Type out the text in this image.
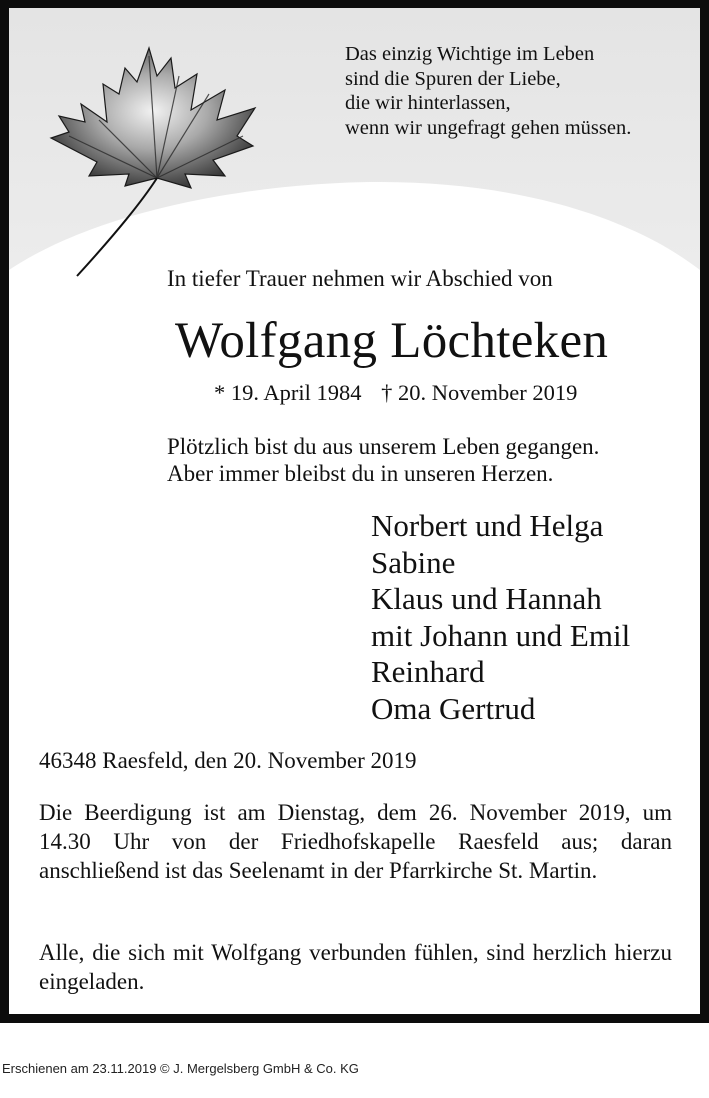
Das einzig Wichtige im Leben
sind die Spuren der Liebe,
die wir hinterlassen,
wenn wir ungefragt gehen müssen.
In tiefer Trauer nehmen wir Abschied von
Wolfgang Löchteken
* 19. April 1984 † 20. November 2019
Plötzlich bist du aus unserem Leben gegangen.
Aber immer bleibst du in unseren Herzen.
Norbert und Helga
Sabine
Klaus und Hannah
mit Johann und Emil
Reinhard
Oma Gertrud
46348 Raesfeld, den 20. November 2019
Die Beerdigung ist am Dienstag, dem 26. November 2019, um 14.30 Uhr von der Friedhofskapelle Raesfeld aus; daran anschließend ist das Seelenamt in der Pfarrkirche St. Martin.
Alle, die sich mit Wolfgang verbunden fühlen, sind herzlich hierzu eingeladen.
Erschienen am 23.11.2019 © J. Mergelsberg GmbH & Co. KG
